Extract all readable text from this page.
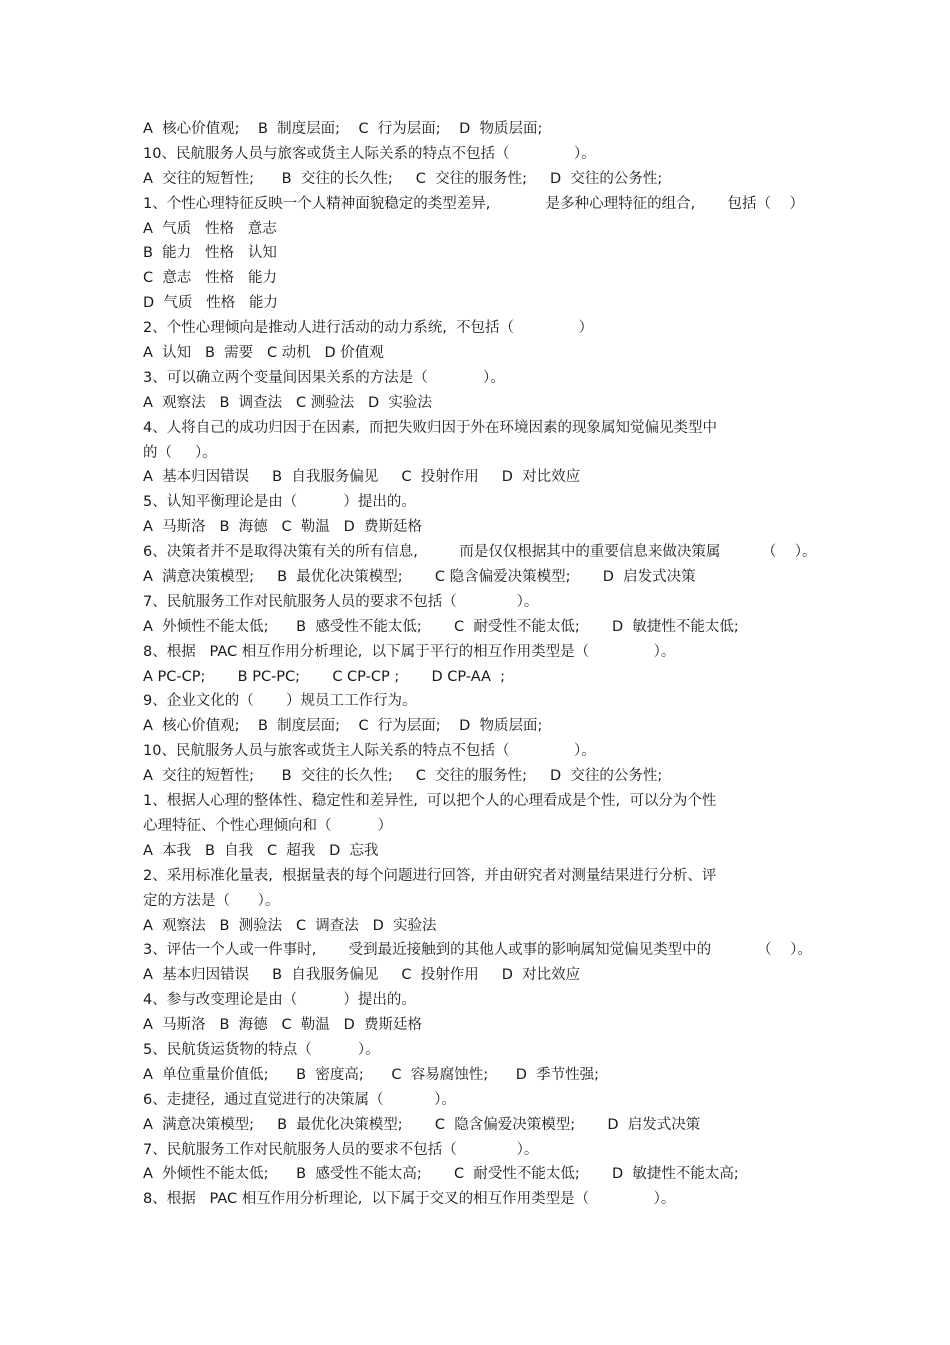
A  核心价值观;    B  制度层面;    C  行为层面;    D  物质层面;
10、民航服务人员与旅客或货主人际关系的特点不包括（              ）。
A  交往的短暂性;      B  交往的长久性;     C  交往的服务性;     D  交往的公务性;
1、个性心理特征反映一个人精神面貌稳定的类型差异,            是多种心理特征的组合,       包括（    ）
A  气质   性格   意志
B  能力   性格   认知
C  意志   性格   能力
D  气质   性格   能力
2、个性心理倾向是推动人进行活动的动力系统,  不包括（              ）
A  认知   B  需要   C 动机   D 价值观
3、可以确立两个变量间因果关系的方法是（            ）。
A  观察法   B  调查法   C 测验法   D  实验法
4、人将自己的成功归因于在因素,  而把失败归因于外在环境因素的现象属知觉偏见类型中
的（     ）。
A  基本归因错误     B  自我服务偏见     C  投射作用     D  对比效应
5、认知平衡理论是由（          ）提出的。
A  马斯洛   B  海德   C  勒温   D  费斯廷格
6、决策者并不是取得决策有关的所有信息,         而是仅仅根据其中的重要信息来做决策属         （    ）。
A  满意决策模型;     B  最优化决策模型;       C 隐含偏爱决策模型;       D  启发式决策
7、民航服务工作对民航服务人员的要求不包括（             ）。
A  外倾性不能太低;      B  感受性不能太低;       C  耐受性不能太低;       D  敏捷性不能太低;
8、根据   PAC 相互作用分析理论,  以下属于平行的相互作用类型是（              ）。
A PC-CP;       B PC-PC;       C CP-CP ;       D CP-AA  ;
9、企业文化的（       ）规员工工作行为。
A  核心价值观;    B  制度层面;    C  行为层面;    D  物质层面;
10、民航服务人员与旅客或货主人际关系的特点不包括（              ）。
A  交往的短暂性;      B  交往的长久性;     C  交往的服务性;     D  交往的公务性;
1、根据人心理的整体性、稳定性和差异性,  可以把个人的心理看成是个性,  可以分为个性
心理特征、个性心理倾向和（          ）
A  本我   B  自我   C  超我   D  忘我
2、采用标准化量表,  根据量表的每个问题进行回答,  并由研究者对测量结果进行分析、评
定的方法是（      ）。
A  观察法   B  测验法   C  调查法   D  实验法
3、评估一个人或一件事时,       受到最近接触到的其他人或事的影响属知觉偏见类型中的          （    ）。
A  基本归因错误     B  自我服务偏见     C  投射作用     D  对比效应
4、参与改变理论是由（          ）提出的。
A  马斯洛   B  海德   C  勒温   D  费斯廷格
5、民航货运货物的特点（          ）。
A  单位重量价值低;      B  密度高;      C  容易腐蚀性;      D  季节性强;
6、走捷径,  通过直觉进行的决策属（           ）。
A  满意决策模型;     B  最优化决策模型;       C  隐含偏爱决策模型;       D  启发式决策
7、民航服务工作对民航服务人员的要求不包括（             ）。
A  外倾性不能太低;      B  感受性不能太高;       C  耐受性不能太低;       D  敏捷性不能太高;
8、根据   PAC 相互作用分析理论,  以下属于交叉的相互作用类型是（              ）。
